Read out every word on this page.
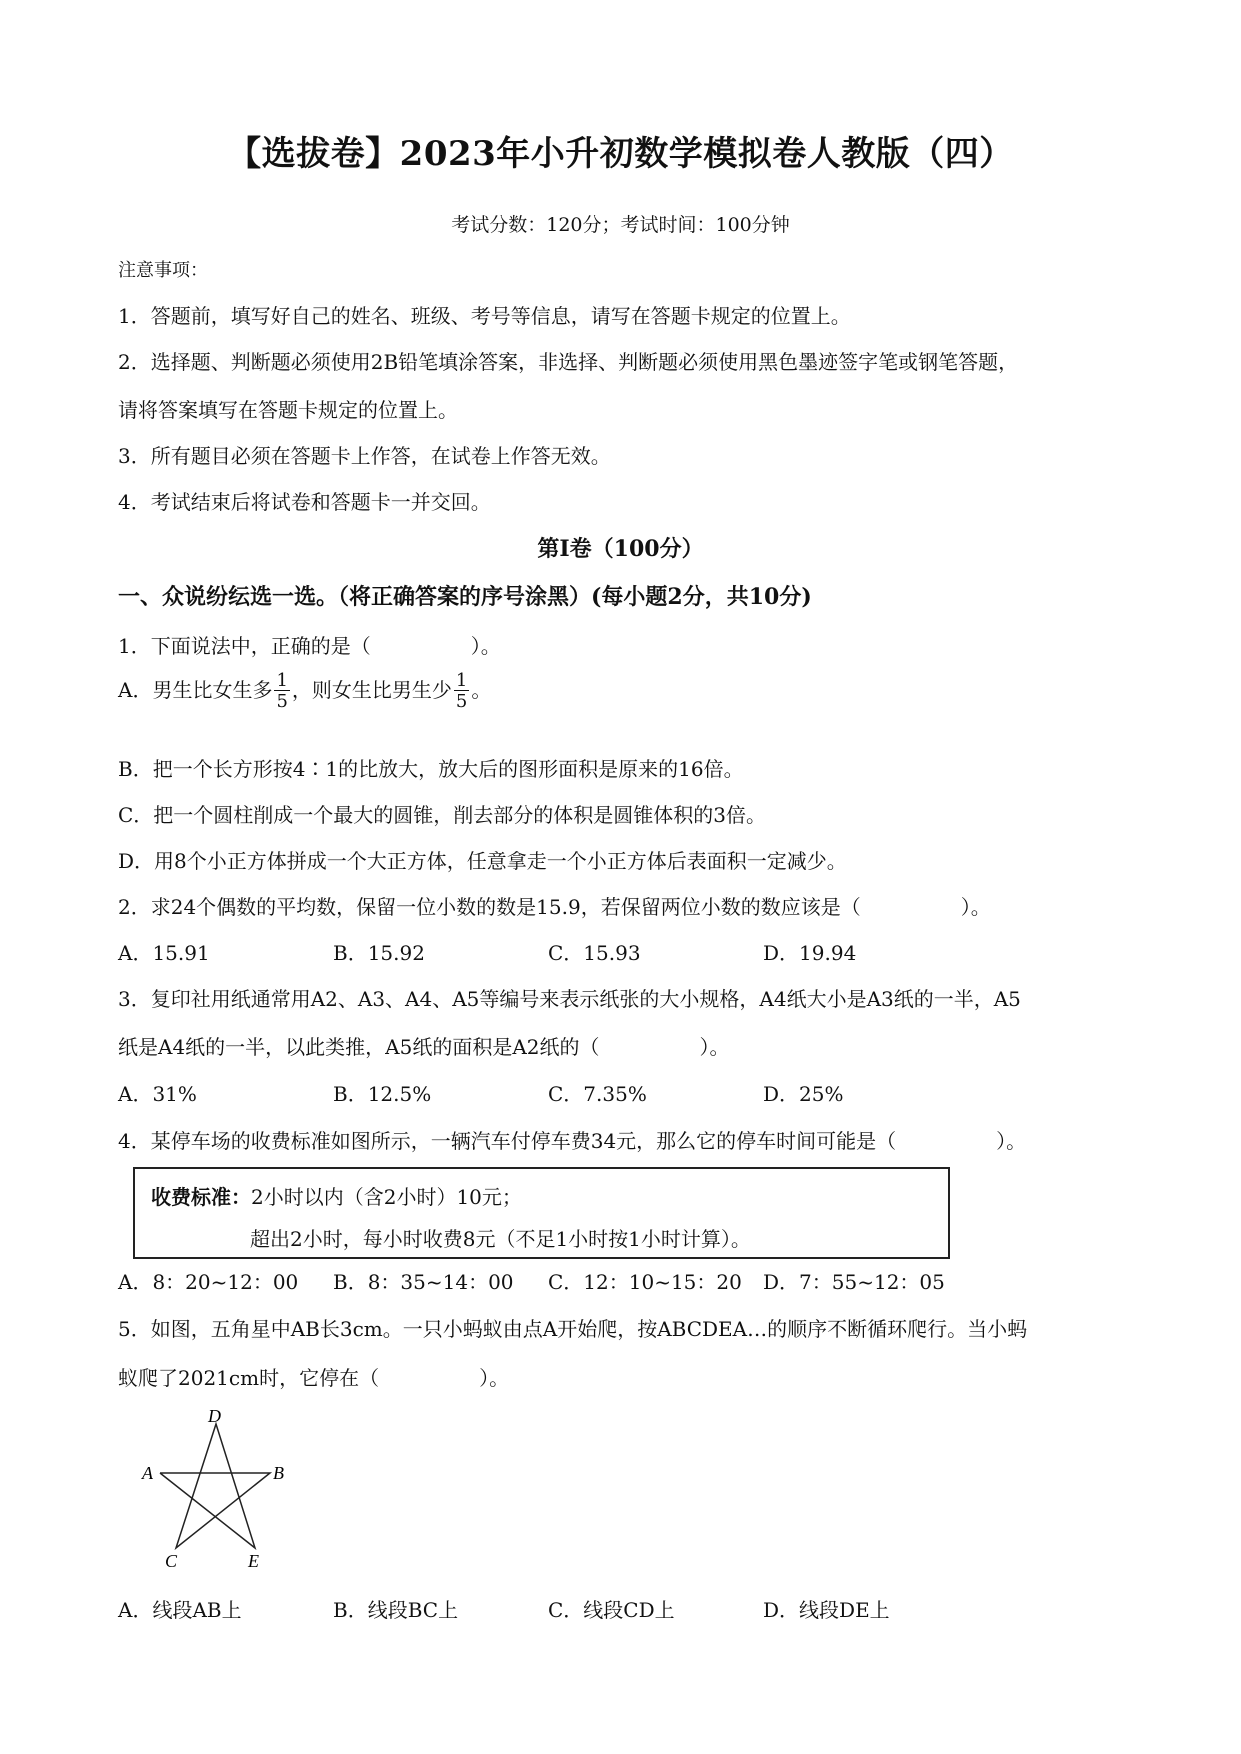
【选拔卷】2023年小升初数学模拟卷人教版（四）
考试分数：120分；考试时间：100分钟
注意事项：
1．答题前，填写好自己的姓名、班级、考号等信息，请写在答题卡规定的位置上。
2．选择题、判断题必须使用2B铅笔填涂答案，非选择、判断题必须使用黑色墨迹签字笔或钢笔答题，
请将答案填写在答题卡规定的位置上。
3．所有题目必须在答题卡上作答，在试卷上作答无效。
4．考试结束后将试卷和答题卡一并交回。
第I卷（100分）
一、众说纷纭选一选。（将正确答案的序号涂黑）(每小题2分，共10分)
1．下面说法中，正确的是（　　　　　）。
A．男生比女生多 $\frac{1}{5}$ ，则女生比男生少 $\frac{1}{5}$ 。
B．把一个长方形按4∶1的比放大，放大后的图形面积是原来的16倍。
C．把一个圆柱削成一个最大的圆锥，削去部分的体积是圆锥体积的3倍。
D．用8个小正方体拼成一个大正方体，任意拿走一个小正方体后表面积一定减少。
2．求24个偶数的平均数，保留一位小数的数是15.9，若保留两位小数的数应该是（　　　　　）。
A．15.91	B．15.92	C．15.93	D．19.94
3．复印社用纸通常用A2、A3、A4、A5等编号来表示纸张的大小规格，A4纸大小是A3纸的一半，A5
纸是A4纸的一半，以此类推，A5纸的面积是A2纸的（　　　　　）。
A．31%	B．12.5%	C．7.35%	D．25%
4．某停车场的收费标准如图所示，一辆汽车付停车费34元，那么它的停车时间可能是（　　　　　）。
收费标准：2小时以内（含2小时）10元；
超出2小时，每小时收费8元（不足1小时按1小时计算）。
A．8：20~12：00 B．8：35~14：00 C．12：10~15：20 D．7：55~12：05
5．如图，五角星中AB长3cm。一只小蚂蚁由点A开始爬，按ABCDEA…的顺序不断循环爬行。当小蚂
蚁爬了2021cm时，它停在（　　　　　）。
D
A	B
C	E
A．线段AB上	B．线段BC上	C．线段CD上	D．线段DE上
